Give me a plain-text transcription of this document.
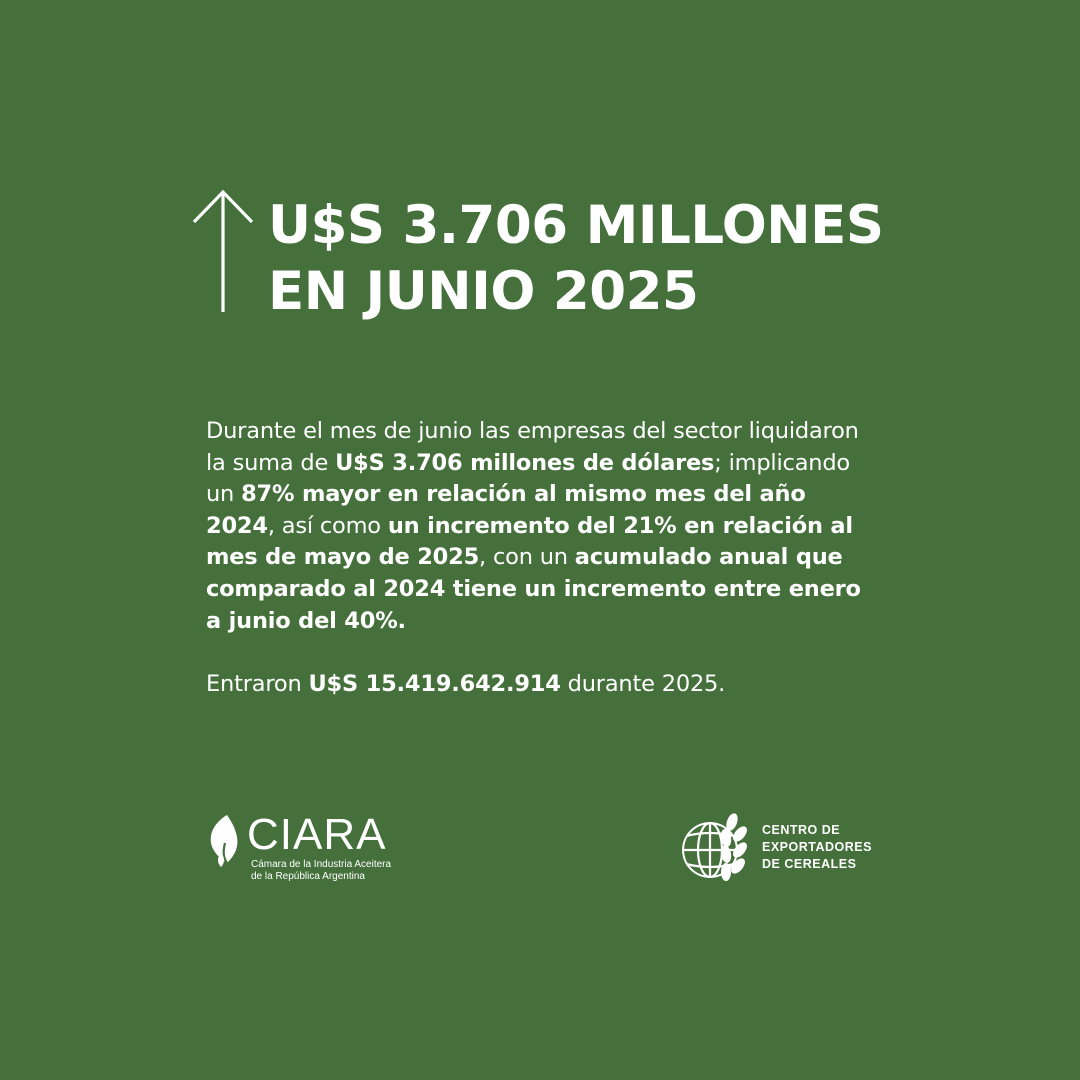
U$S 3.706 MILLONES
EN JUNIO 2025

Durante el mes de junio las empresas del sector liquidaron la suma de U$S 3.706 millones de dólares; implicando un 87% mayor en relación al mismo mes del año 2024, así como un incremento del 21% en relación al mes de mayo de 2025, con un acumulado anual que comparado al 2024 tiene un incremento entre enero a junio del 40%.

Entraron U$S 15.419.642.914 durante 2025.

CIARA
Cámara de la Industria Aceitera
de la República Argentina
CENTRO DE
EXPORTADORES
DE CEREALES
